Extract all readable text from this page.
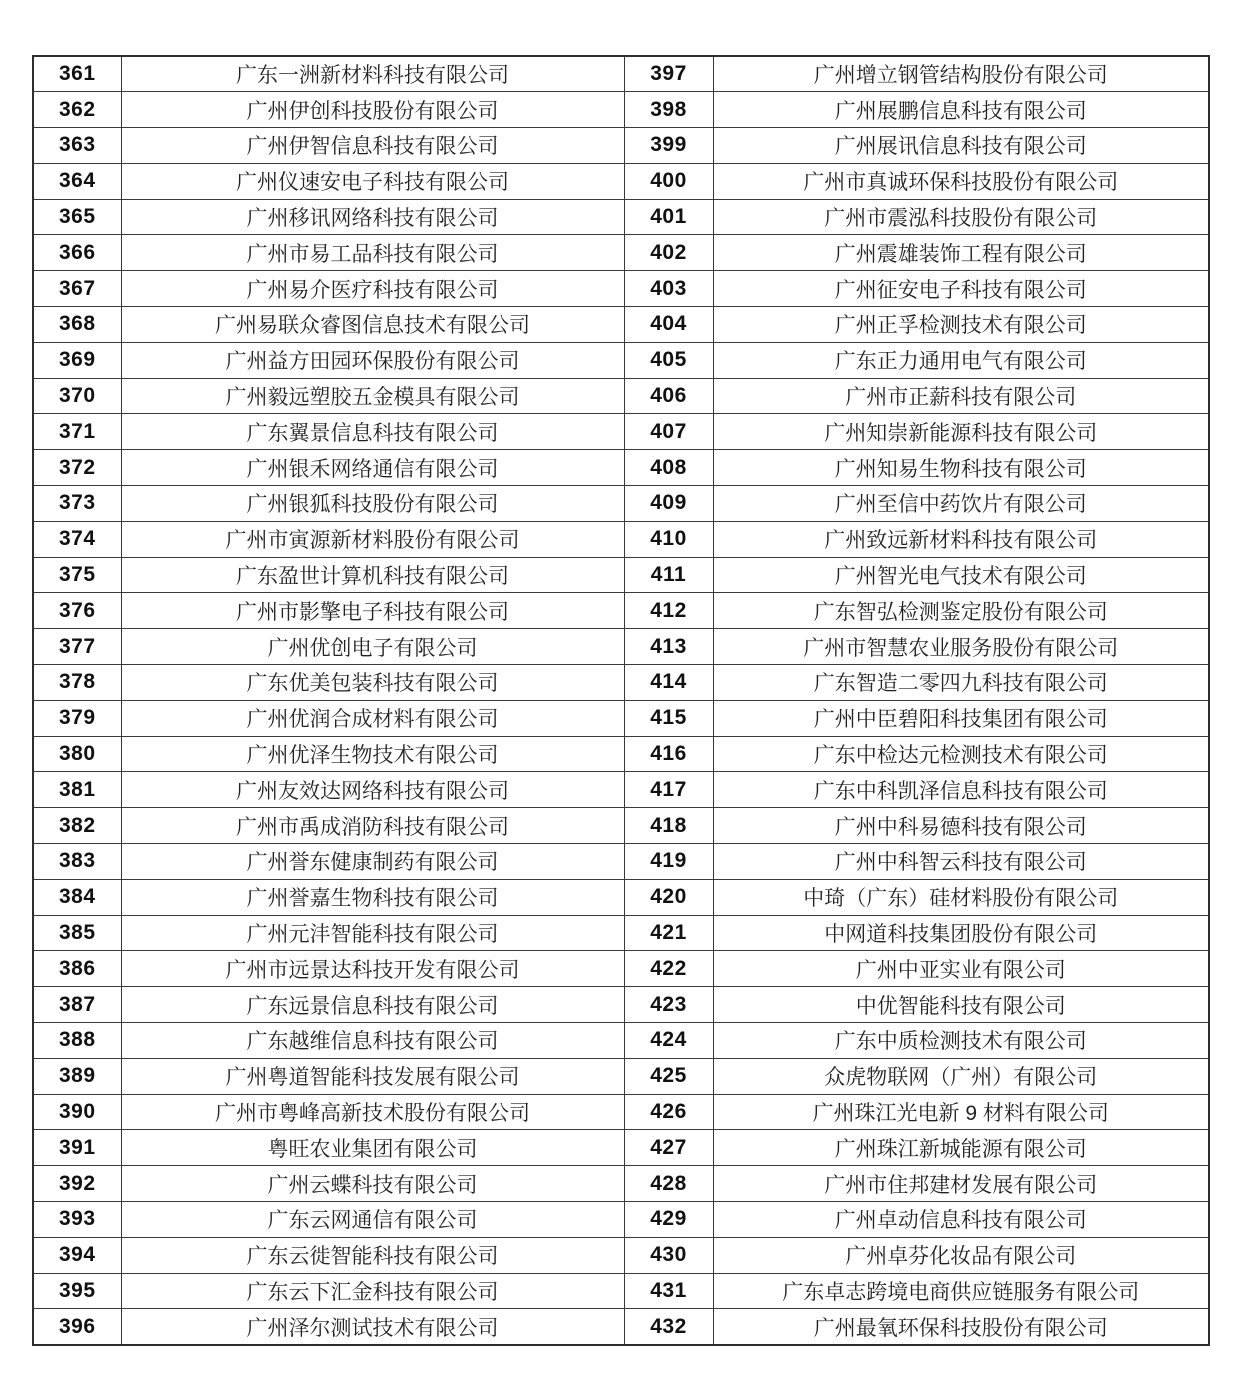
361	广东一洲新材料科技有限公司	397	广州增立钢管结构股份有限公司
362	广州伊创科技股份有限公司	398	广州展鹏信息科技有限公司
363	广州伊智信息科技有限公司	399	广州展讯信息科技有限公司
364	广州仪速安电子科技有限公司	400	广州市真诚环保科技股份有限公司
365	广州移讯网络科技有限公司	401	广州市震泓科技股份有限公司
366	广州市易工品科技有限公司	402	广州震雄装饰工程有限公司
367	广州易介医疗科技有限公司	403	广州征安电子科技有限公司
368	广州易联众睿图信息技术有限公司	404	广州正孚检测技术有限公司
369	广州益方田园环保股份有限公司	405	广东正力通用电气有限公司
370	广州毅远塑胶五金模具有限公司	406	广州市正薪科技有限公司
371	广东翼景信息科技有限公司	407	广州知崇新能源科技有限公司
372	广州银禾网络通信有限公司	408	广州知易生物科技有限公司
373	广州银狐科技股份有限公司	409	广州至信中药饮片有限公司
374	广州市寅源新材料股份有限公司	410	广州致远新材料科技有限公司
375	广东盈世计算机科技有限公司	411	广州智光电气技术有限公司
376	广州市影擎电子科技有限公司	412	广东智弘检测鉴定股份有限公司
377	广州优创电子有限公司	413	广州市智慧农业服务股份有限公司
378	广东优美包装科技有限公司	414	广东智造二零四九科技有限公司
379	广州优润合成材料有限公司	415	广州中臣碧阳科技集团有限公司
380	广州优泽生物技术有限公司	416	广东中检达元检测技术有限公司
381	广州友效达网络科技有限公司	417	广东中科凯泽信息科技有限公司
382	广州市禹成消防科技有限公司	418	广州中科易德科技有限公司
383	广州誉东健康制药有限公司	419	广州中科智云科技有限公司
384	广州誉嘉生物科技有限公司	420	中琦（广东）硅材料股份有限公司
385	广州元沣智能科技有限公司	421	中网道科技集团股份有限公司
386	广州市远景达科技开发有限公司	422	广州中亚实业有限公司
387	广东远景信息科技有限公司	423	中优智能科技有限公司
388	广东越维信息科技有限公司	424	广东中质检测技术有限公司
389	广州粤道智能科技发展有限公司	425	众虎物联网（广州）有限公司
390	广州市粤峰高新技术股份有限公司	426	广州珠江光电新 9 材料有限公司
391	粤旺农业集团有限公司	427	广州珠江新城能源有限公司
392	广州云蝶科技有限公司	428	广州市住邦建材发展有限公司
393	广东云网通信有限公司	429	广州卓动信息科技有限公司
394	广东云徙智能科技有限公司	430	广州卓芬化妆品有限公司
395	广东云下汇金科技有限公司	431	广东卓志跨境电商供应链服务有限公司
396	广州泽尔测试技术有限公司	432	广州最氧环保科技股份有限公司
